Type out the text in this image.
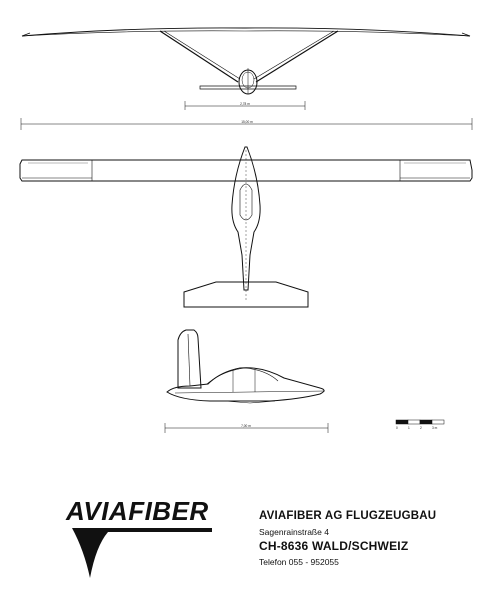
2,78 m
15,00 m
7,00 m	0	1	2	3 m
AVIAFIBER	AVIAFIBER AG FLUGZEUGBAU
Sagenrainstraße 4
CH-8636 WALD/SCHWEIZ
Telefon 055 - 952055
